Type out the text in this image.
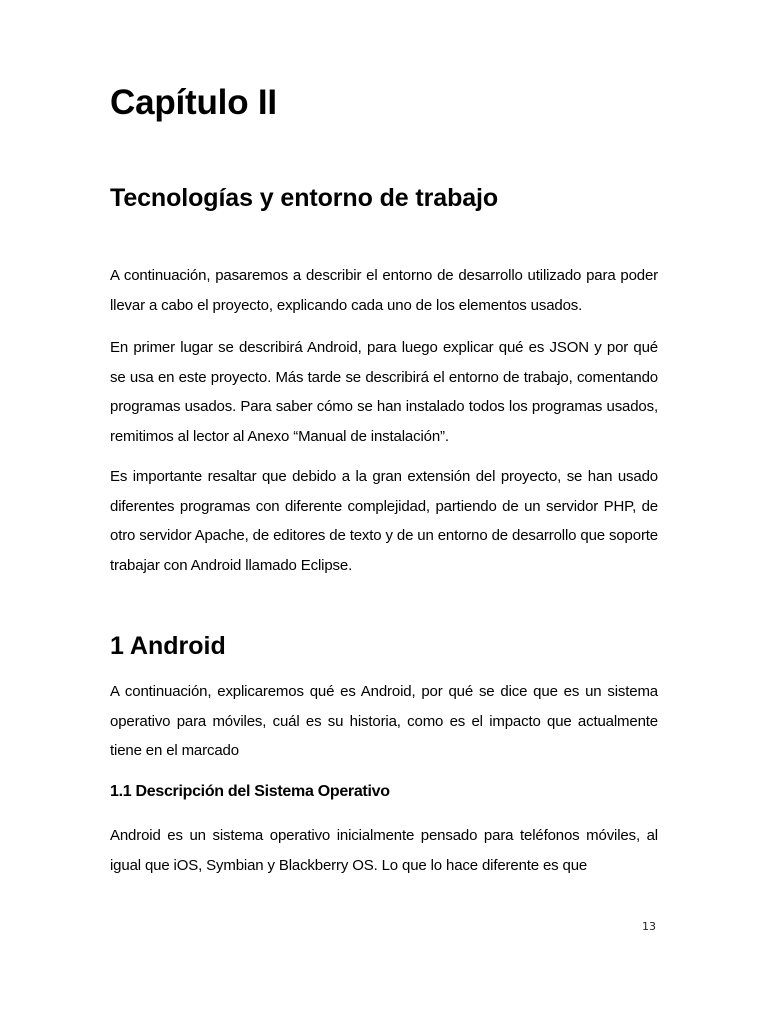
Capítulo II
Tecnologías y entorno de trabajo

A continuación, pasaremos a describir el entorno de desarrollo utilizado para poder llevar a cabo el proyecto, explicando cada uno de los elementos usados.

En primer lugar se describirá Android, para luego explicar qué es JSON y por qué se usa en este proyecto. Más tarde se describirá el entorno de trabajo, comentando programas usados. Para saber cómo se han instalado todos los programas usados, remitimos al lector al Anexo “Manual de instalación”.

Es importante resaltar que debido a la gran extensión del proyecto, se han usado diferentes programas con diferente complejidad, partiendo de un servidor PHP, de otro servidor Apache, de editores de texto y de un entorno de desarrollo que soporte trabajar con Android llamado Eclipse.

1 Android

A continuación, explicaremos qué es Android, por qué se dice que es un sistema operativo para móviles, cuál es su historia, como es el impacto que actualmente tiene en el marcado

1.1 Descripción del Sistema Operativo

Android es un sistema operativo inicialmente pensado para teléfonos móviles, al igual que iOS, Symbian y Blackberry OS. Lo que lo hace diferente es que

13
